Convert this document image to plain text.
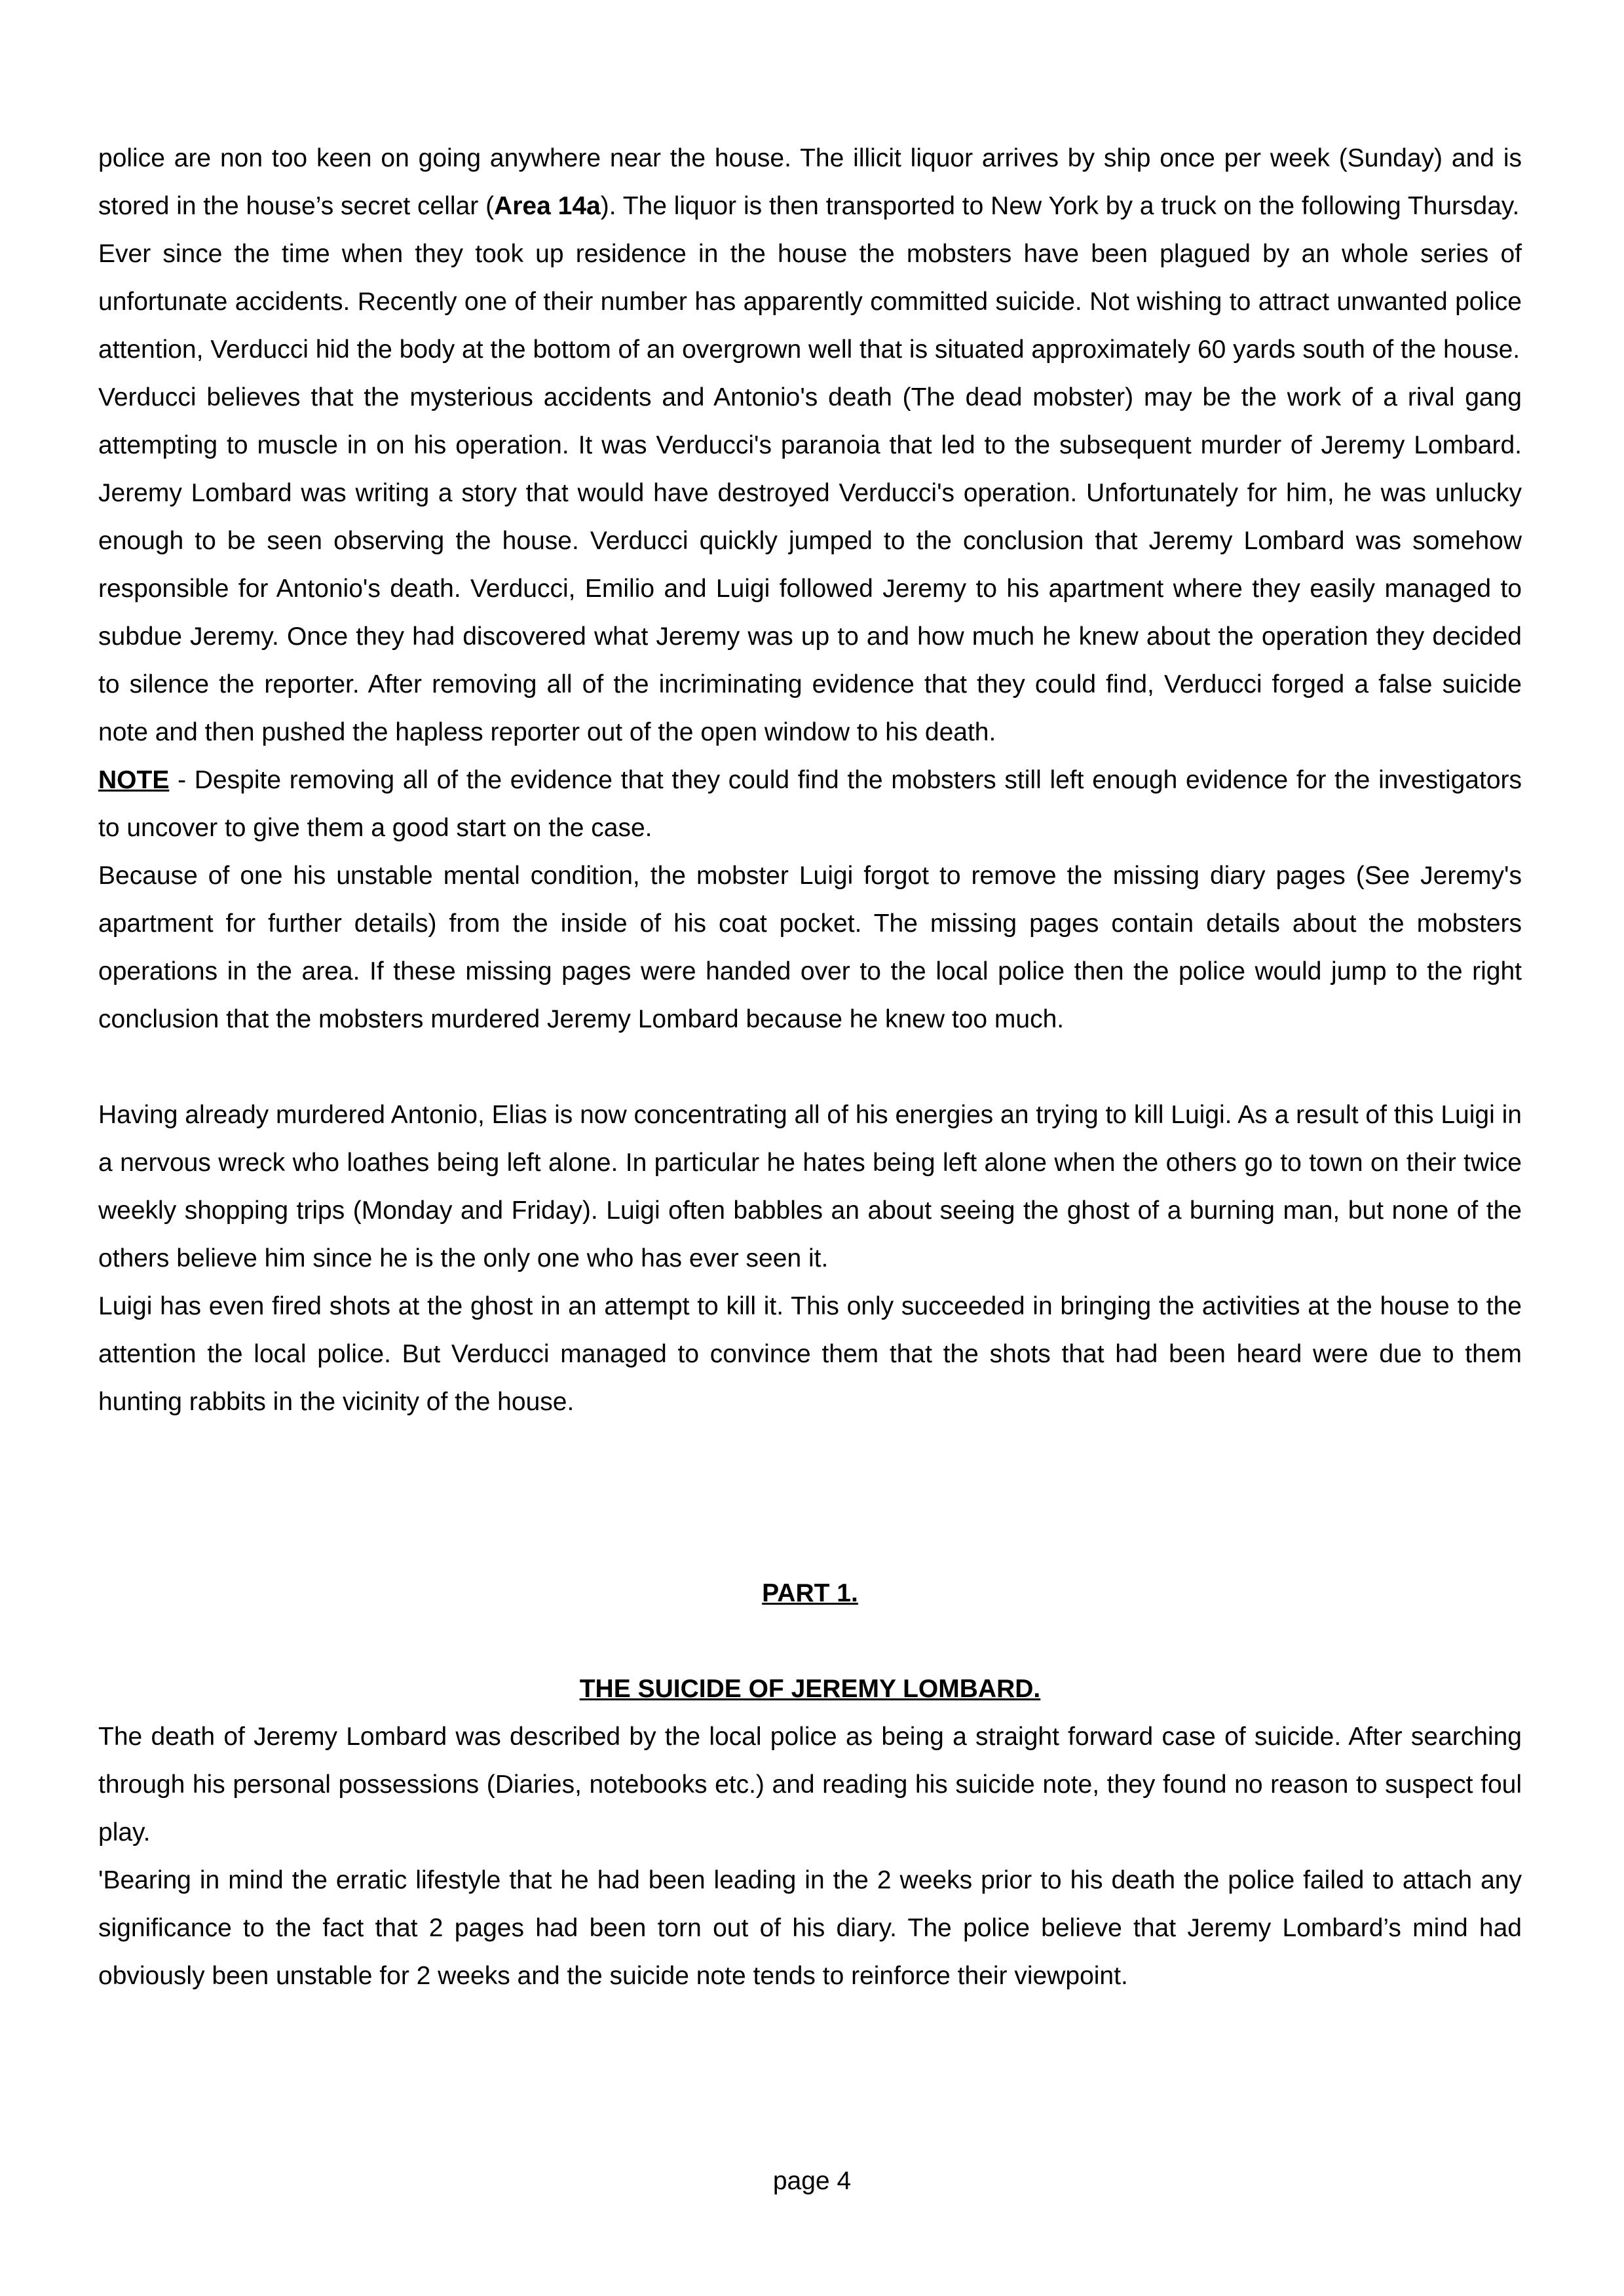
police are non too keen on going anywhere near the house. The illicit liquor arrives by ship once per week (Sunday) and is stored in the house’s secret cellar (Area 14a). The liquor is then transported to New York by a truck on the following Thursday.

Ever since the time when they took up residence in the house the mobsters have been plagued by an whole series of unfortunate accidents. Recently one of their number has apparently committed suicide. Not wishing to attract unwanted police attention, Verducci hid the body at the bottom of an overgrown well that is situated approximately 60 yards south of the house.

Verducci believes that the mysterious accidents and Antonio's death (The dead mobster) may be the work of a rival gang attempting to muscle in on his operation. It was Verducci's paranoia that led to the subsequent murder of Jeremy Lombard. Jeremy Lombard was writing a story that would have destroyed Verducci's operation. Unfortunately for him, he was unlucky enough to be seen observing the house. Verducci quickly jumped to the conclusion that Jeremy Lombard was somehow responsible for Antonio's death. Verducci, Emilio and Luigi followed Jeremy to his apartment where they easily managed to subdue Jeremy. Once they had discovered what Jeremy was up to and how much he knew about the operation they decided to silence the reporter. After removing all of the incriminating evidence that they could find, Verducci forged a false suicide note and then pushed the hapless reporter out of the open window to his death.

NOTE - Despite removing all of the evidence that they could find the mobsters still left enough evidence for the investigators to uncover to give them a good start on the case.

Because of one his unstable mental condition, the mobster Luigi forgot to remove the missing diary pages (See Jeremy's apartment for further details) from the inside of his coat pocket. The missing pages contain details about the mobsters operations in the area. If these missing pages were handed over to the local police then the police would jump to the right conclusion that the mobsters murdered Jeremy Lombard because he knew too much.

Having already murdered Antonio, Elias is now concentrating all of his energies an trying to kill Luigi. As a result of this Luigi in a nervous wreck who loathes being left alone. In particular he hates being left alone when the others go to town on their twice weekly shopping trips (Monday and Friday). Luigi often babbles an about seeing the ghost of a burning man, but none of the others believe him since he is the only one who has ever seen it.

Luigi has even fired shots at the ghost in an attempt to kill it. This only succeeded in bringing the activities at the house to the attention the local police. But Verducci managed to convince them that the shots that had been heard were due to them hunting rabbits in the vicinity of the house.

PART 1.

THE SUICIDE OF JEREMY LOMBARD.

The death of Jeremy Lombard was described by the local police as being a straight forward case of suicide. After searching through his personal possessions (Diaries, notebooks etc.) and reading his suicide note, they found no reason to suspect foul play.

'Bearing in mind the erratic lifestyle that he had been leading in the 2 weeks prior to his death the police failed to attach any significance to the fact that 2 pages had been torn out of his diary. The police believe that Jeremy Lombard’s mind had obviously been unstable for 2 weeks and the suicide note tends to reinforce their viewpoint.

page 4
